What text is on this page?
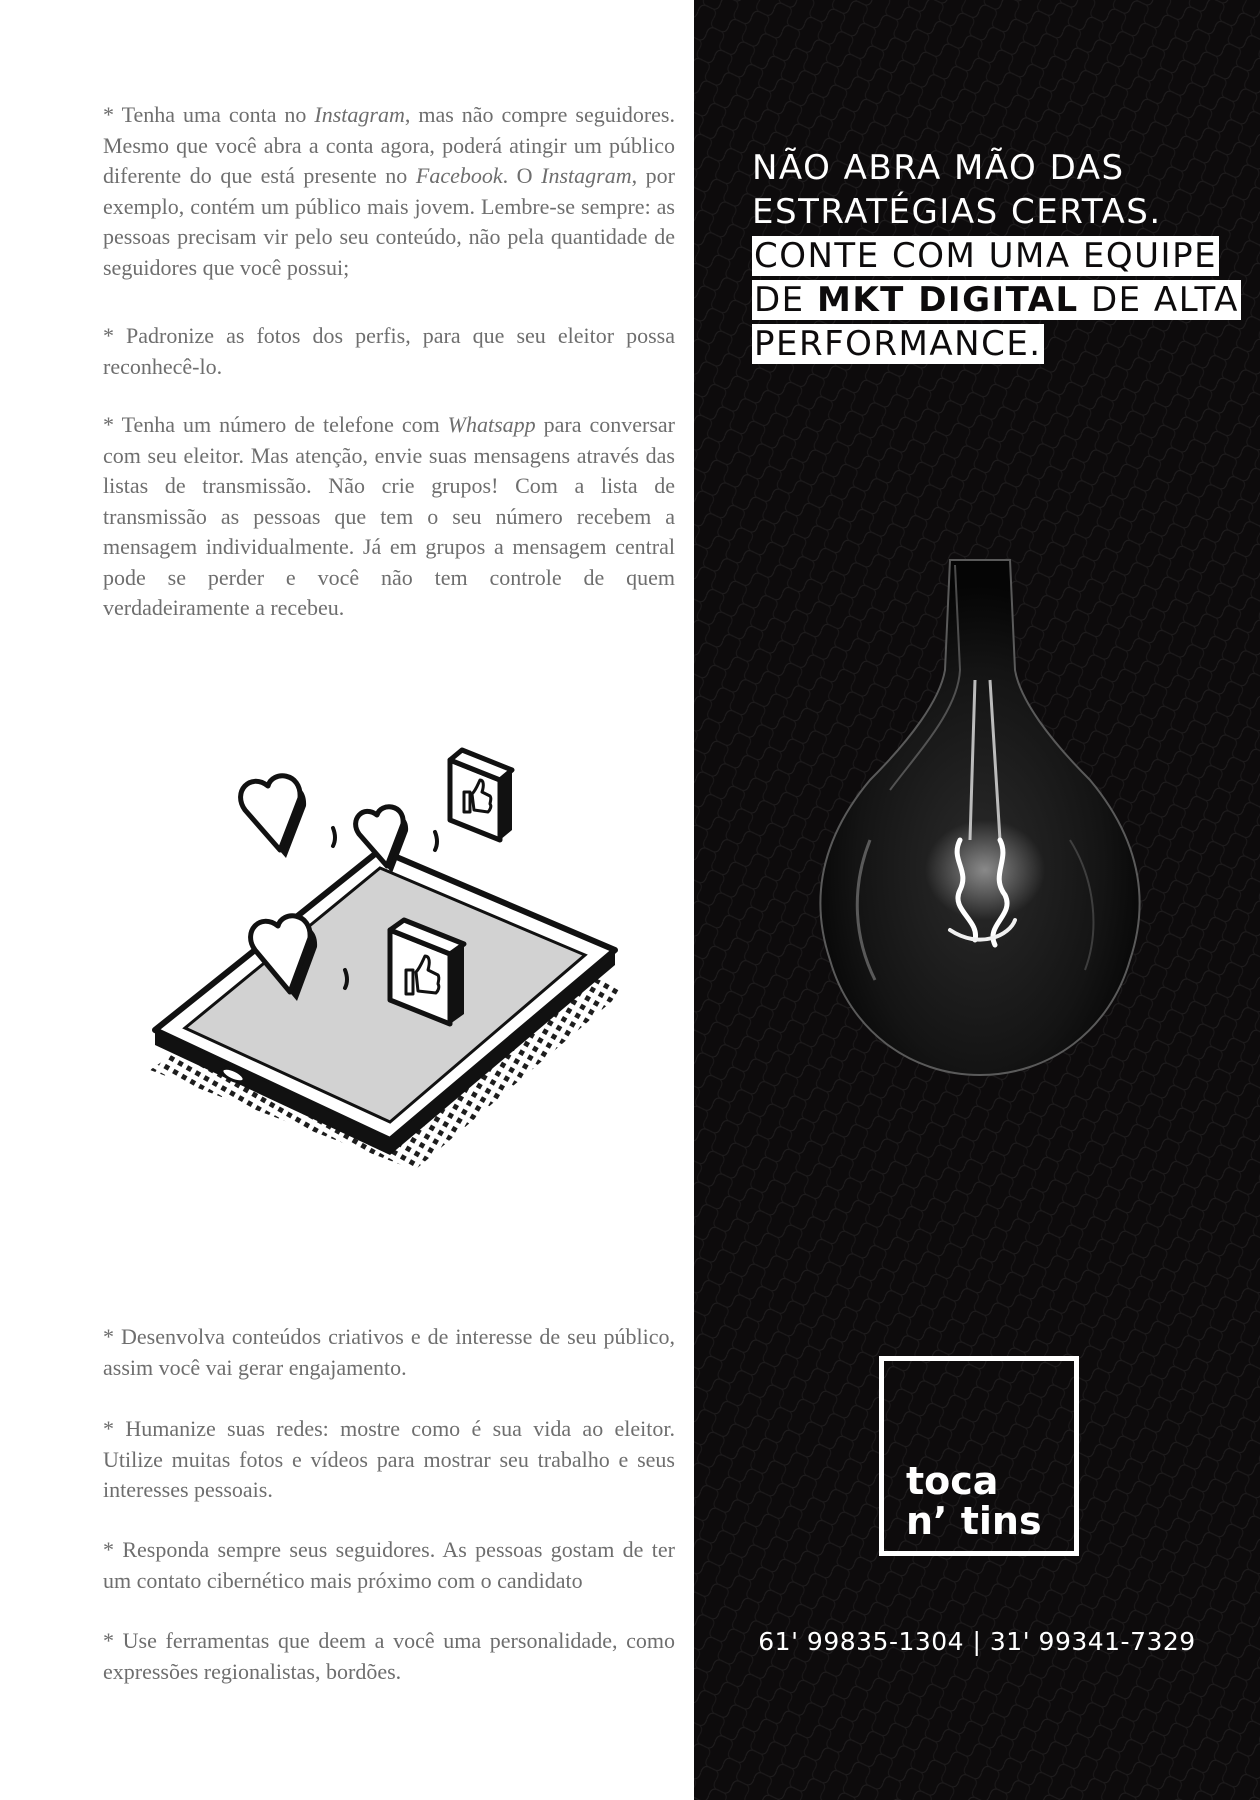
* Tenha uma conta no Instagram, mas não compre seguidores. Mesmo que você abra a conta agora, poderá atingir um público diferente do que está presente no Facebook. O Instagram, por exemplo, contém um público mais jovem. Lembre-se sempre: as pessoas precisam vir pelo seu conteúdo, não pela quantidade de seguidores que você possui;

* Padronize as fotos dos perfis, para que seu eleitor possa reconhecê-lo.

* Tenha um número de telefone com Whatsapp para conversar com seu eleitor. Mas atenção, envie suas mensagens através das listas de transmissão. Não crie grupos! Com a lista de transmissão as pessoas que tem o seu número recebem a mensagem individualmente. Já em grupos a mensagem central pode se perder e você não tem controle de quem verdadeiramente a recebeu.

* Desenvolva conteúdos criativos e de interesse de seu público, assim você vai gerar engajamento.

* Humanize suas redes: mostre como é sua vida ao eleitor. Utilize muitas fotos e vídeos para mostrar seu trabalho e seus interesses pessoais.

* Responda sempre seus seguidores. As pessoas gostam de ter um contato cibernético mais próximo com o candidato

* Use ferramentas que deem a você uma personalidade, como expressões regionalistas, bordões.

NÃO ABRA MÃO DAS
ESTRATÉGIAS CERTAS.
CONTE COM UMA EQUIPE
DE MKT DIGITAL DE ALTA
PERFORMANCE.
toca
n’ tins
61' 99835-1304 | 31' 99341-7329
